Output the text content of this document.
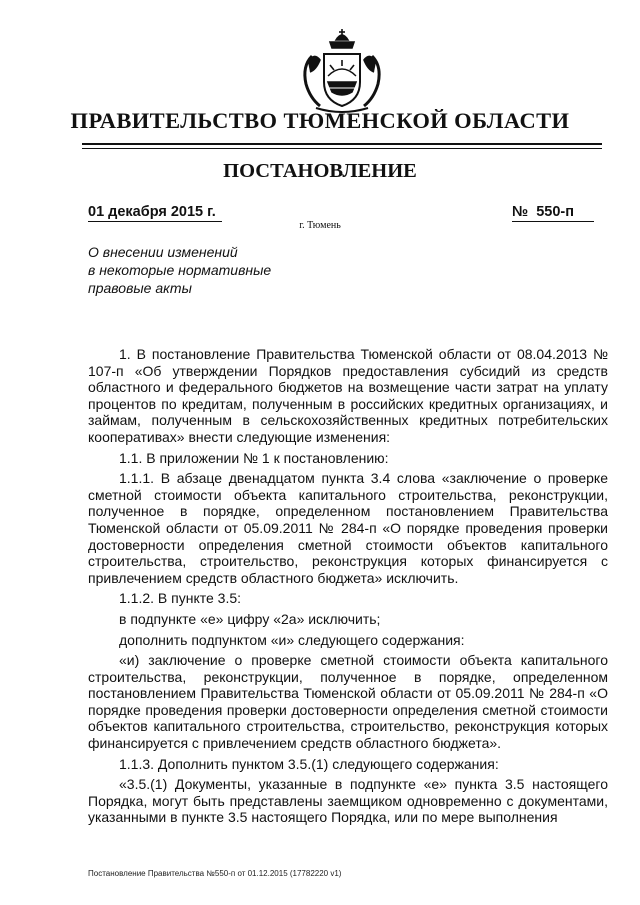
ПРАВИТЕЛЬСТВО ТЮМЕНСКОЙ ОБЛАСТИ
ПОСТАНОВЛЕНИЕ
01 декабря 2015 г.	№ 550-п
г. Тюмень
О внесении изменений
в некоторые нормативные
правовые акты

1. В постановление Правительства Тюменской области от 08.04.2013 № 107-п «Об утверждении Порядков предоставления субсидий из средств областного и федерального бюджетов на возмещение части затрат на уплату процентов по кредитам, полученным в российских кредитных организациях, и займам, полученным в сельскохозяйственных кредитных потребительских кооперативах» внести следующие изменения:

1.1. В приложении № 1 к постановлению:

1.1.1. В абзаце двенадцатом пункта 3.4 слова «заключение о проверке сметной стоимости объекта капитального строительства, реконструкции, полученное в порядке, определенном постановлением Правительства Тюменской области от 05.09.2011 № 284-п «О порядке проведения проверки достоверности определения сметной стоимости объектов капитального строительства, строительство, реконструкция которых финансируется с привлечением средств областного бюджета» исключить.

1.1.2. В пункте 3.5:

в подпункте «е» цифру «2а» исключить;

дополнить подпунктом «и» следующего содержания:

«и) заключение о проверке сметной стоимости объекта капитального строительства, реконструкции, полученное в порядке, определенном постановлением Правительства Тюменской области от 05.09.2011 № 284-п «О порядке проведения проверки достоверности определения сметной стоимости объектов капитального строительства, строительство, реконструкция которых финансируется с привлечением средств областного бюджета».

1.1.3. Дополнить пунктом 3.5.(1) следующего содержания:

«3.5.(1) Документы, указанные в подпункте «е» пункта 3.5 настоящего Порядка, могут быть представлены заемщиком одновременно с документами, указанными в пункте 3.5 настоящего Порядка, или по мере выполнения

Постановление Правительства №550-п от 01.12.2015 (17782220 v1)
